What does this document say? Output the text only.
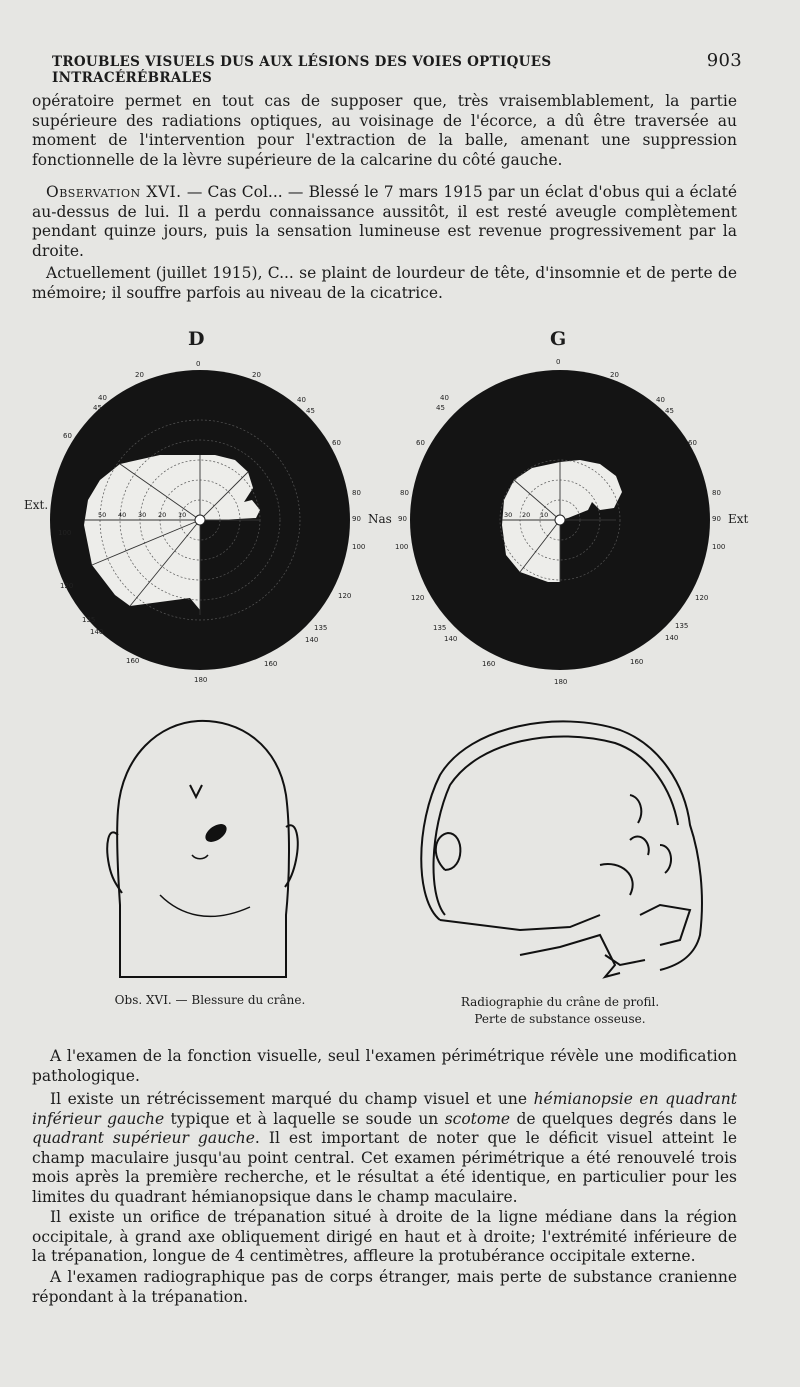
TROUBLES VISUELS DUS AUX LÉSIONS DES VOIES OPTIQUES INTRACÉRÉBRALES
903

opératoire permet en tout cas de supposer que, très vraisemblablement, la partie supérieure des radiations optiques, au voisinage de l'écorce, a dû être traversée au moment de l'intervention pour l'extraction de la balle, amenant une suppression fonctionnelle de la lèvre supérieure de la calcarine du côté gauche.

Observation XVI. — Cas Col... — Blessé le 7 mars 1915 par un éclat d'obus qui a éclaté au-dessus de lui. Il a perdu connaissance aussitôt, il est resté aveugle complètement pendant quinze jours, puis la sensation lumineuse est revenue progressivement par la droite.

Actuellement (juillet 1915), C... se plaint de lourdeur de tête, d'insomnie et de perte de mémoire; il souffre parfois au niveau de la cicatrice.

D	G
0
20	20
40
45
40
45
60
60
80
90
100
100
120
120
135
140
135
140
160
160
180
0
20
40
45
40
45
60	60
80	80
90	90
100	100
120	120
135
140
135
140
160	160
180
10
20
30
40
50	10
20
30
Ext.
Nas	Ext
Obs. XVI. — Blessure du crâne.	Radiographie du crâne de profil.
Perte de substance osseuse.

A l'examen de la fonction visuelle, seul l'examen périmétrique révèle une modification pathologique.

Il existe un rétrécissement marqué du champ visuel et une hémianopsie en quadrant inférieur gauche typique et à laquelle se soude un scotome de quelques degrés dans le quadrant supérieur gauche. Il est important de noter que le déficit visuel atteint le champ maculaire jusqu'au point central. Cet examen périmétrique a été renouvelé trois mois après la première recherche, et le résultat a été identique, en particulier pour les limites du quadrant hémianopsique dans le champ maculaire.

Il existe un orifice de trépanation situé à droite de la ligne médiane dans la région occipitale, à grand axe obliquement dirigé en haut et à droite; l'extrémité inférieure de la trépanation, longue de 4 centimètres, affleure la protubérance occipitale externe.

A l'examen radiographique pas de corps étranger, mais perte de substance cranienne répondant à la trépanation.
